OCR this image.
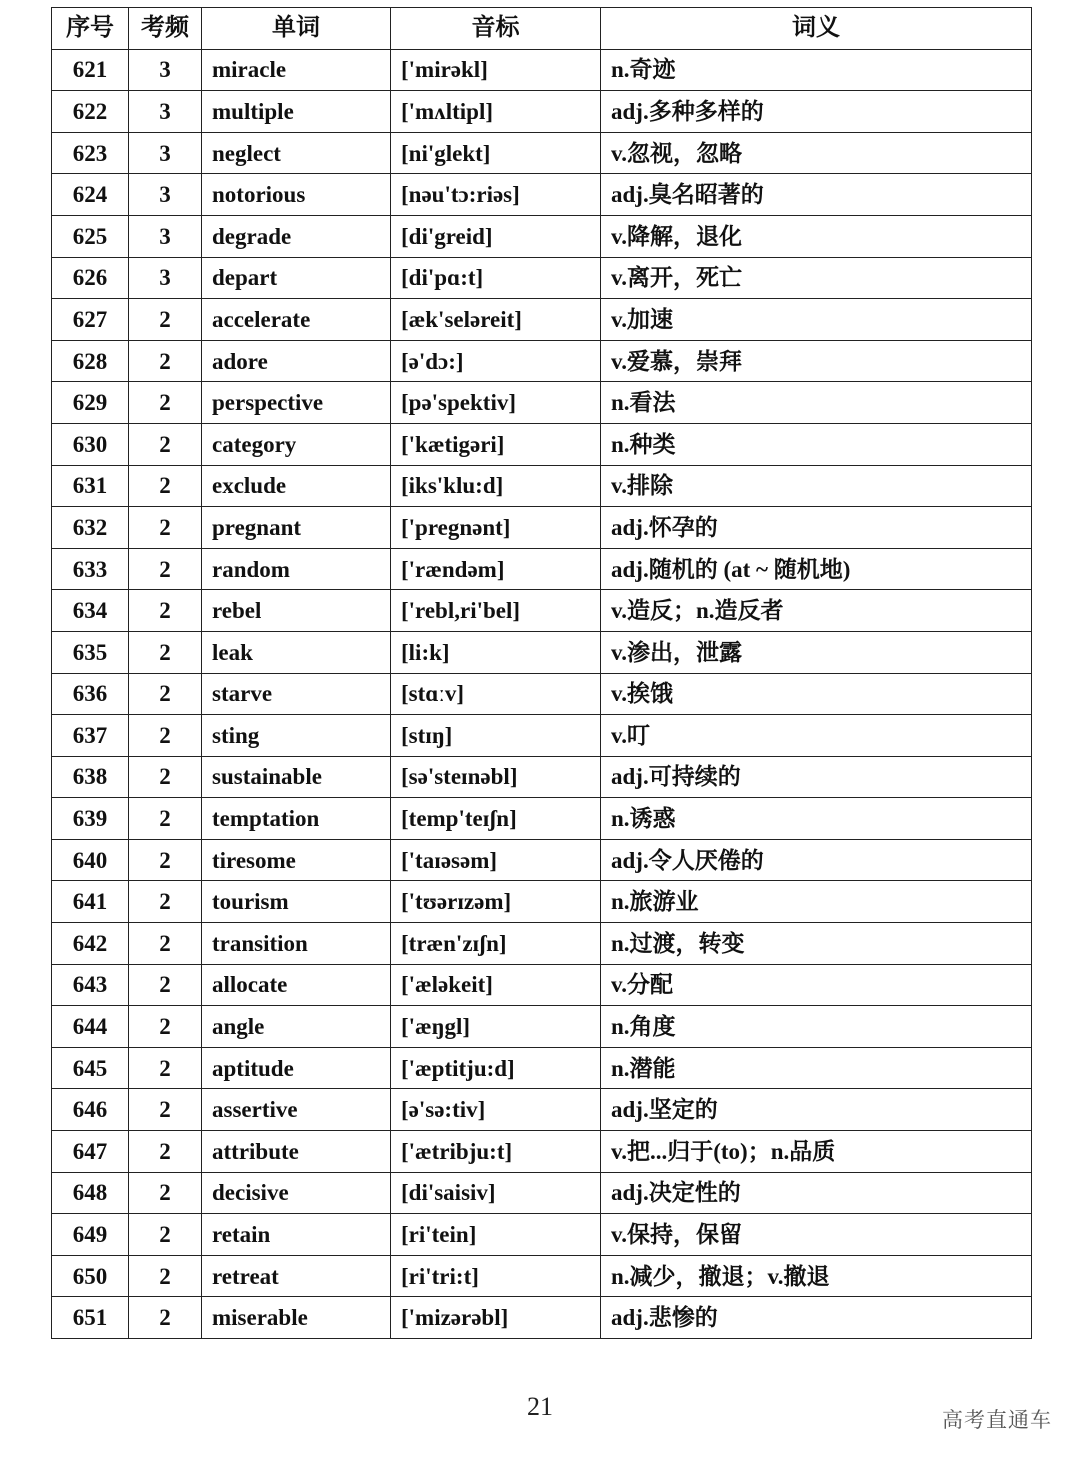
序号	考频	单词	音标	词义
621	3	miracle	['mirəkl]	n.奇迹
622	3	multiple	['mʌltipl]	adj.多种多样的
623	3	neglect	[ni'glekt]	v.忽视，忽略
624	3	notorious	[nəu'tɔ:riəs]	adj.臭名昭著的
625	3	degrade	[di'greid]	v.降解，退化
626	3	depart	[di'pɑ:t]	v.离开，死亡
627	2	accelerate	[æk'seləreit]	v.加速
628	2	adore	[ə'dɔ:]	v.爱慕，崇拜
629	2	perspective	[pə'spektiv]	n.看法
630	2	category	['kætigəri]	n.种类
631	2	exclude	[iks'klu:d]	v.排除
632	2	pregnant	['pregnənt]	adj.怀孕的
633	2	random	['rændəm]	adj.随机的 (at ~ 随机地)
634	2	rebel	['rebl,ri'bel]	v.造反；n.造反者
635	2	leak	[li:k]	v.渗出，泄露
636	2	starve	[stɑːv]	v.挨饿
637	2	sting	[stɪŋ]	v.叮
638	2	sustainable	[sə'steɪnəbl]	adj.可持续的
639	2	temptation	[temp'teɪʃn]	n.诱惑
640	2	tiresome	['taɪəsəm]	adj.令人厌倦的
641	2	tourism	['tʊərɪzəm]	n.旅游业
642	2	transition	[træn'zɪʃn]	n.过渡，转变
643	2	allocate	['æləkeit]	v.分配
644	2	angle	['æŋgl]	n.角度
645	2	aptitude	['æptitju:d]	n.潜能
646	2	assertive	[ə'sə:tiv]	adj.坚定的
647	2	attribute	['ætribju:t]	v.把...归于(to)；n.品质
648	2	decisive	[di'saisiv]	adj.决定性的
649	2	retain	[ri'tein]	v.保持，保留
650	2	retreat	[ri'tri:t]	n.减少，撤退；v.撤退
651	2	miserable	['mizərəbl]	adj.悲惨的
21	高考直通车
